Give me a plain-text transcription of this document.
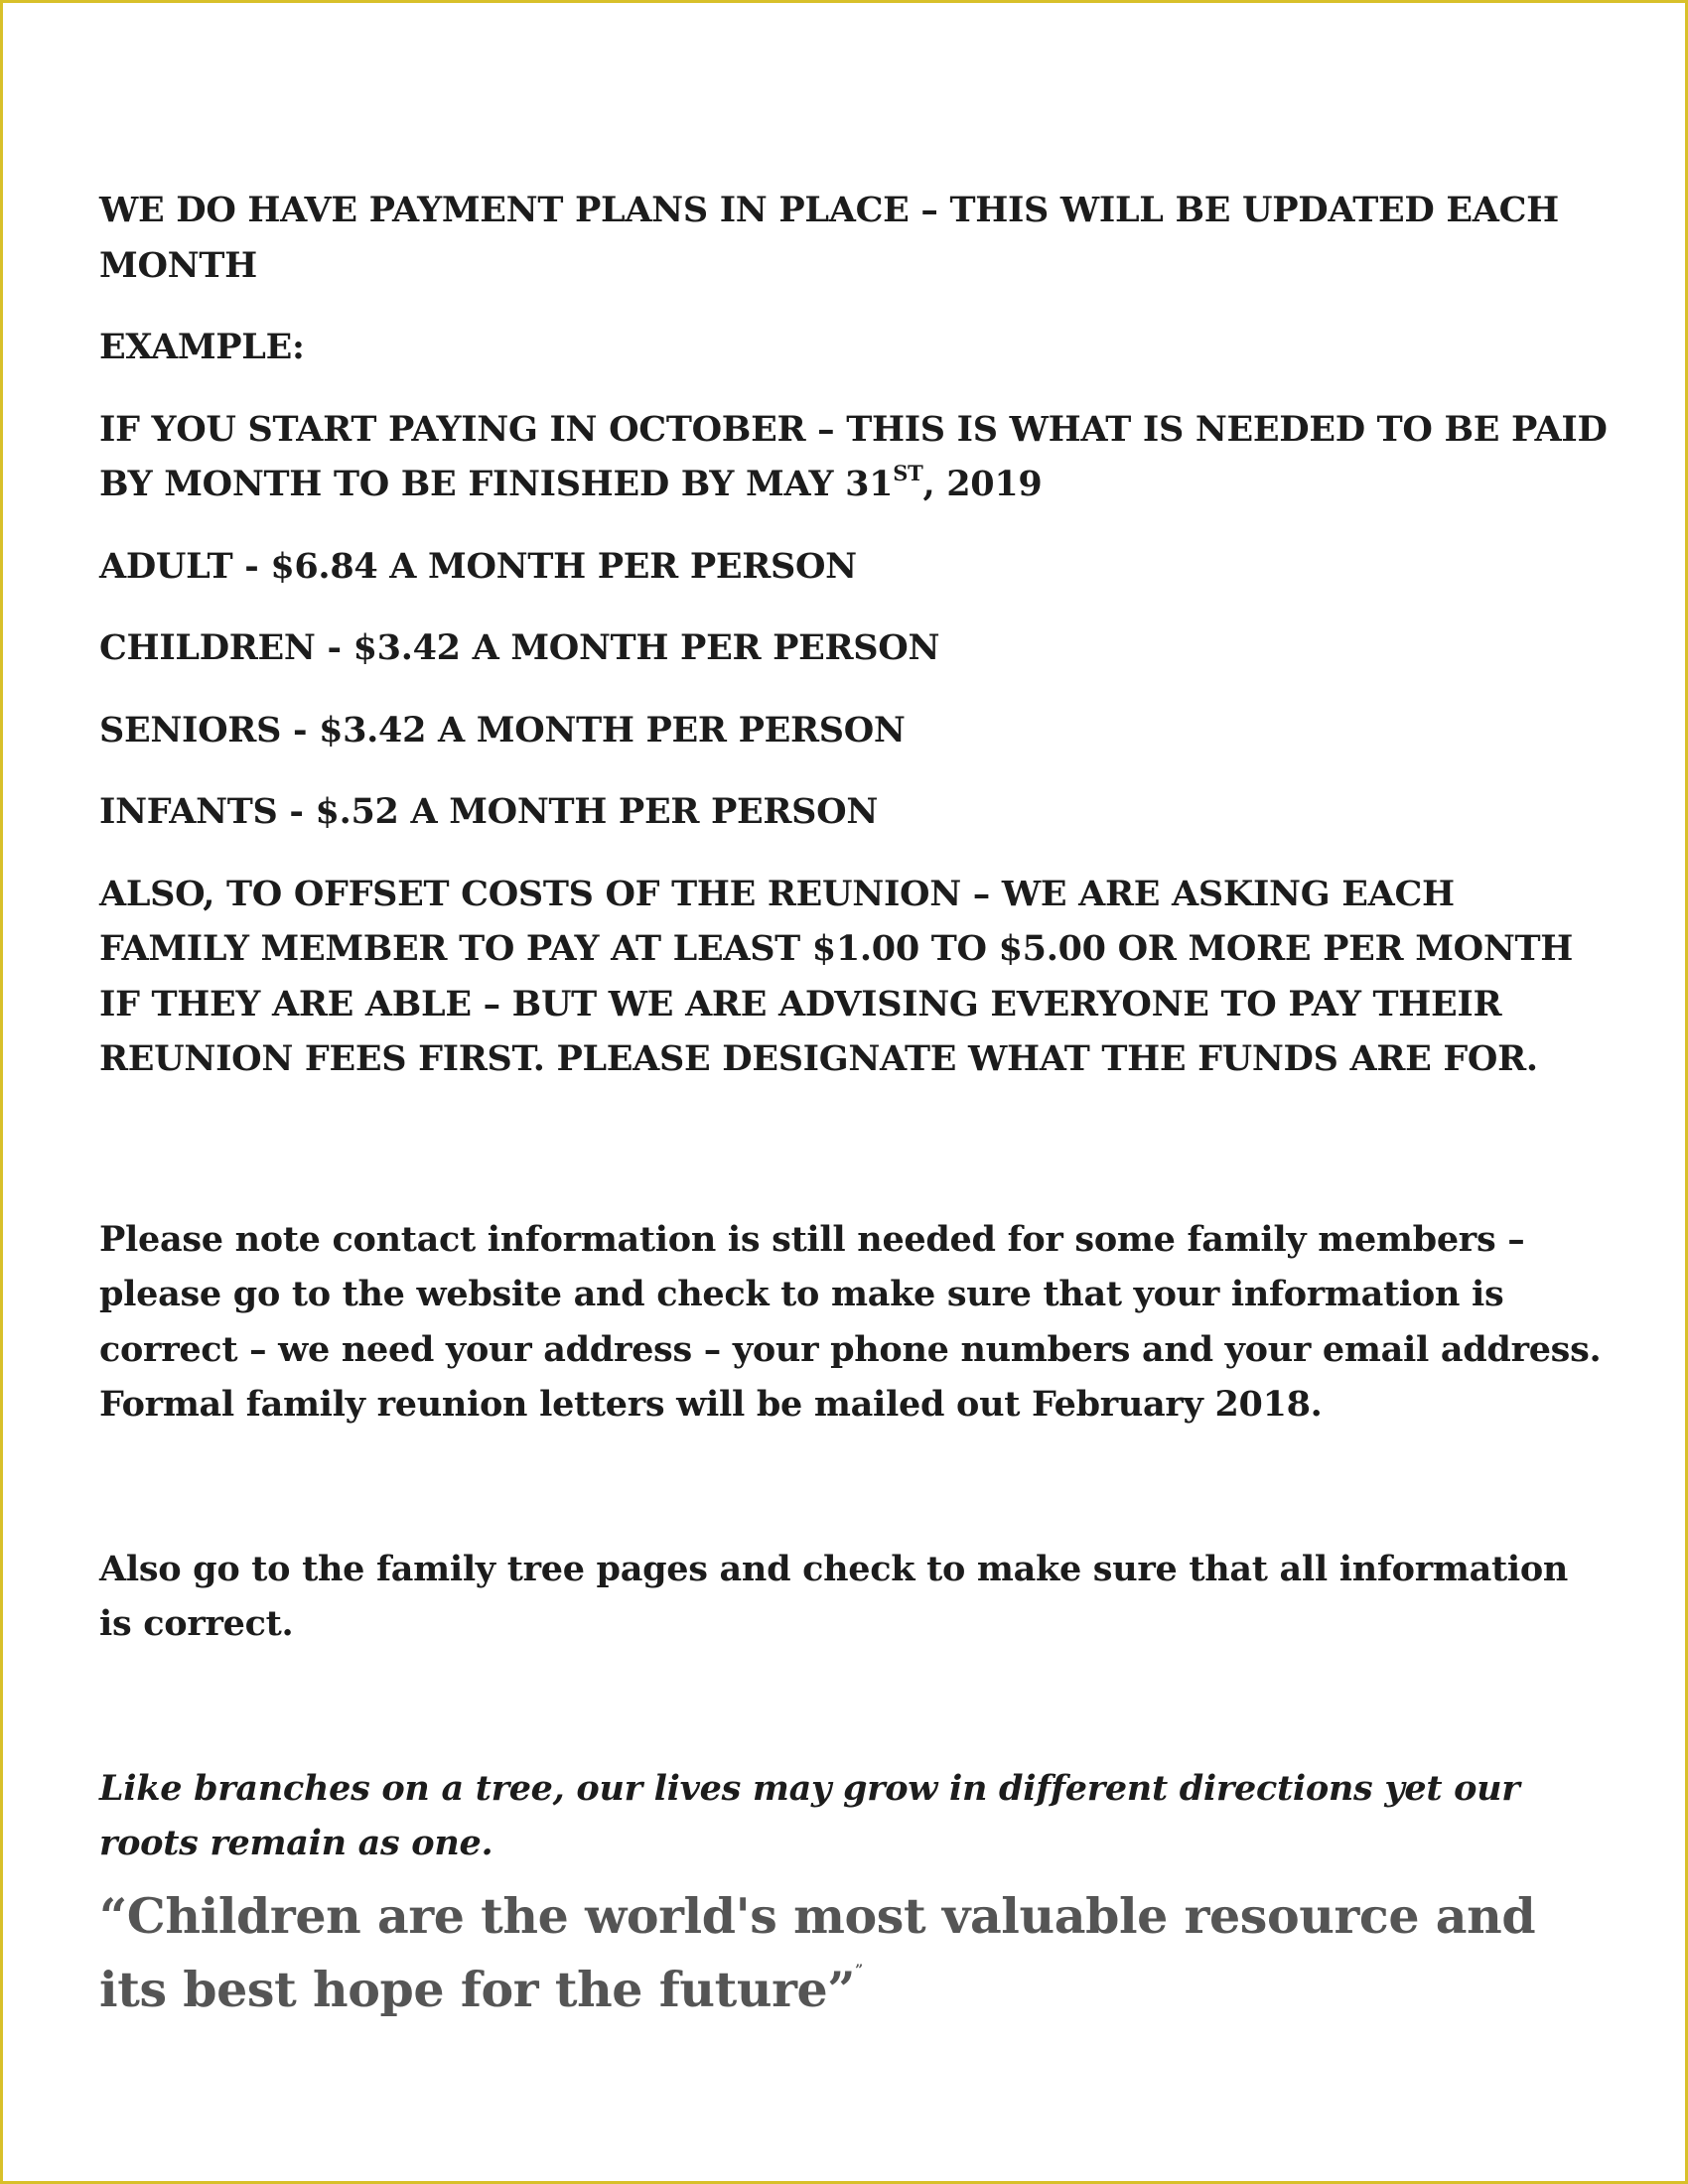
WE DO HAVE PAYMENT PLANS IN PLACE – THIS WILL BE UPDATED EACH MONTH

EXAMPLE:

IF YOU START PAYING IN OCTOBER – THIS IS WHAT IS NEEDED TO BE PAID BY MONTH TO BE FINISHED BY MAY 31ST, 2019

ADULT - $6.84 A MONTH PER PERSON

CHILDREN - $3.42 A MONTH PER PERSON

SENIORS - $3.42 A MONTH PER PERSON

INFANTS - $.52 A MONTH PER PERSON

ALSO, TO OFFSET COSTS OF THE REUNION – WE ARE ASKING EACH FAMILY MEMBER TO PAY AT LEAST $1.00 TO $5.00 OR MORE PER MONTH IF THEY ARE ABLE – BUT WE ARE ADVISING EVERYONE TO PAY THEIR REUNION FEES FIRST. PLEASE DESIGNATE WHAT THE FUNDS ARE FOR.

Please note contact information is still needed for some family members – please go to the website and check to make sure that your information is correct – we need your address – your phone numbers and your email address. Formal family reunion letters will be mailed out February 2018.

Also go to the family tree pages and check to make sure that all information is correct.

Like branches on a tree, our lives may grow in different directions yet our roots remain as one.

“Children are the world's most valuable resource and its best hope for the future””
